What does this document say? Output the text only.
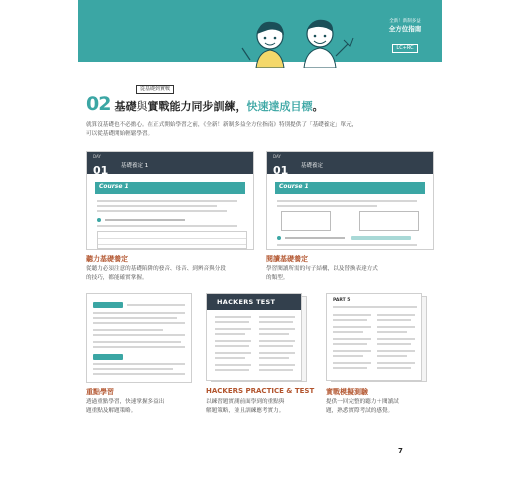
全新！新制多益
全方位指南
LC+RC
從基礎到實戰
02 基礎與實戰能力同步訓練，快速達成目標。
就算沒基礎也不必擔心。在正式開始學習之前，《全新！新制多益全方位指南》特別提供了「基礎養定」單元，
可以從基礎開始輕鬆學習。
DAY
01 基礎養定 1
Course 1
聽力基礎養定
從聽力必須注意的基礎陷阱的發音、母音、到辨音與分段
的技巧，都能確實掌握。
DAY
01 基礎養定
Course 1
閱讀基礎養定
學習閱讀所需的句子結構，以及替換表達方式
的類型。
重點學習
透過重點學習，快速掌握多益出
題重點及解題策略。
HACKERS TEST
HACKERS PRACTICE & TEST
以練習題實測前面學到的重點與
解題策略，並且訓練應考實力。
PART 5
實戰模擬測驗
提供一回完整的聽力＋閱讀試
題，熟悉實際考試的感覺。
7
